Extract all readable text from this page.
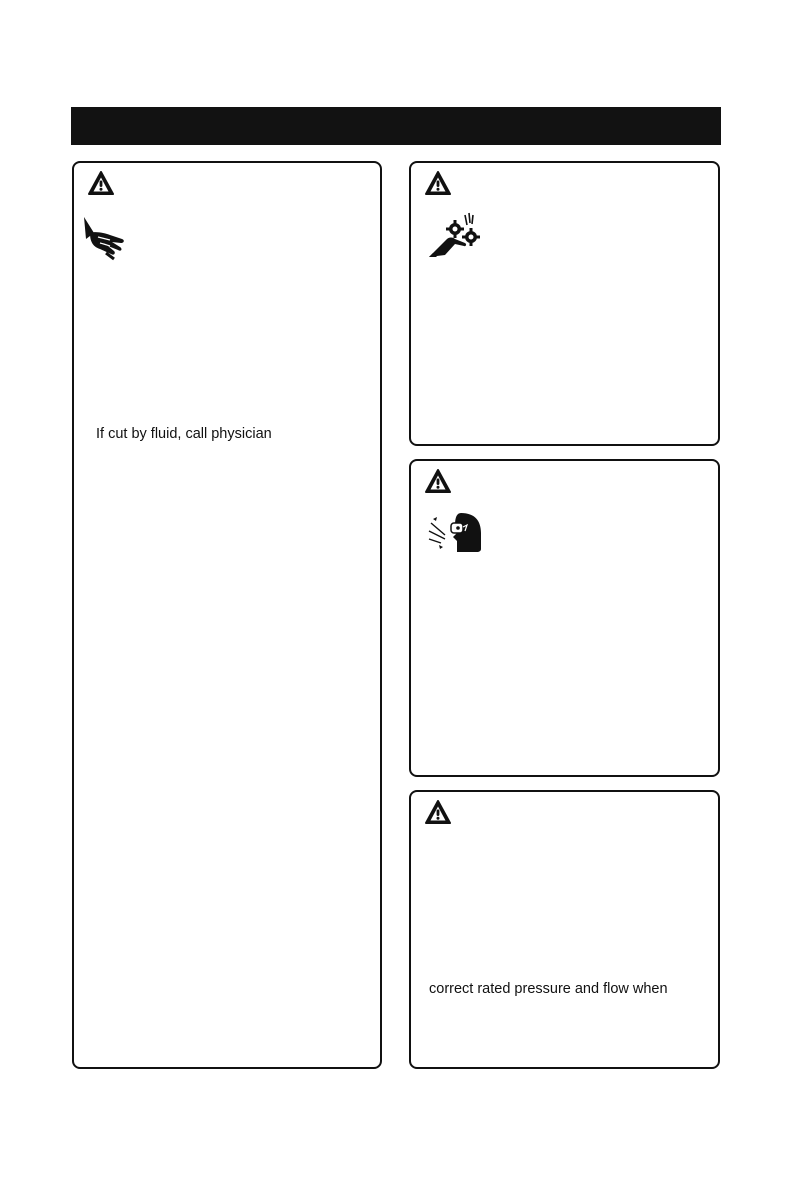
If cut by fluid, call physician
correct rated pressure and flow when
